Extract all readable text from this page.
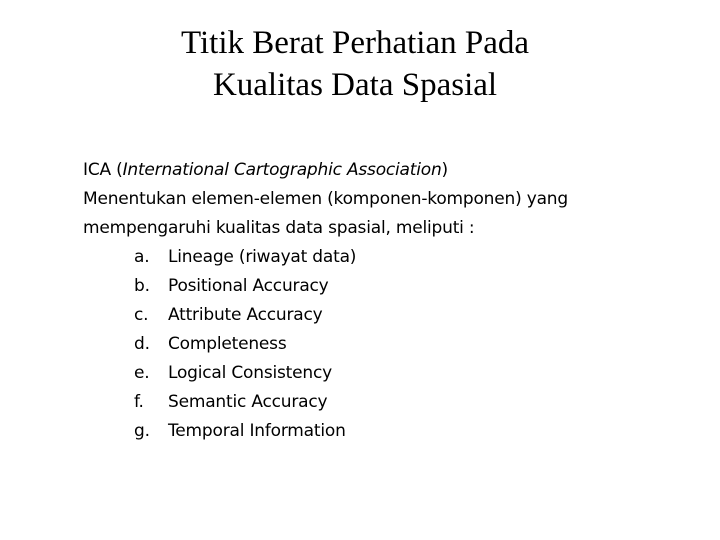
Titik Berat Perhatian Pada
Kualitas Data Spasial

ICA (International Cartographic Association)

Menentukan elemen-elemen (komponen-komponen) yang

mempengaruhi kualitas data spasial, meliputi :

a.	Lineage (riwayat data)
b.	Positional Accuracy
c.	Attribute Accuracy
d.	Completeness
e.	Logical Consistency
f.	Semantic Accuracy
g.	Temporal Information
